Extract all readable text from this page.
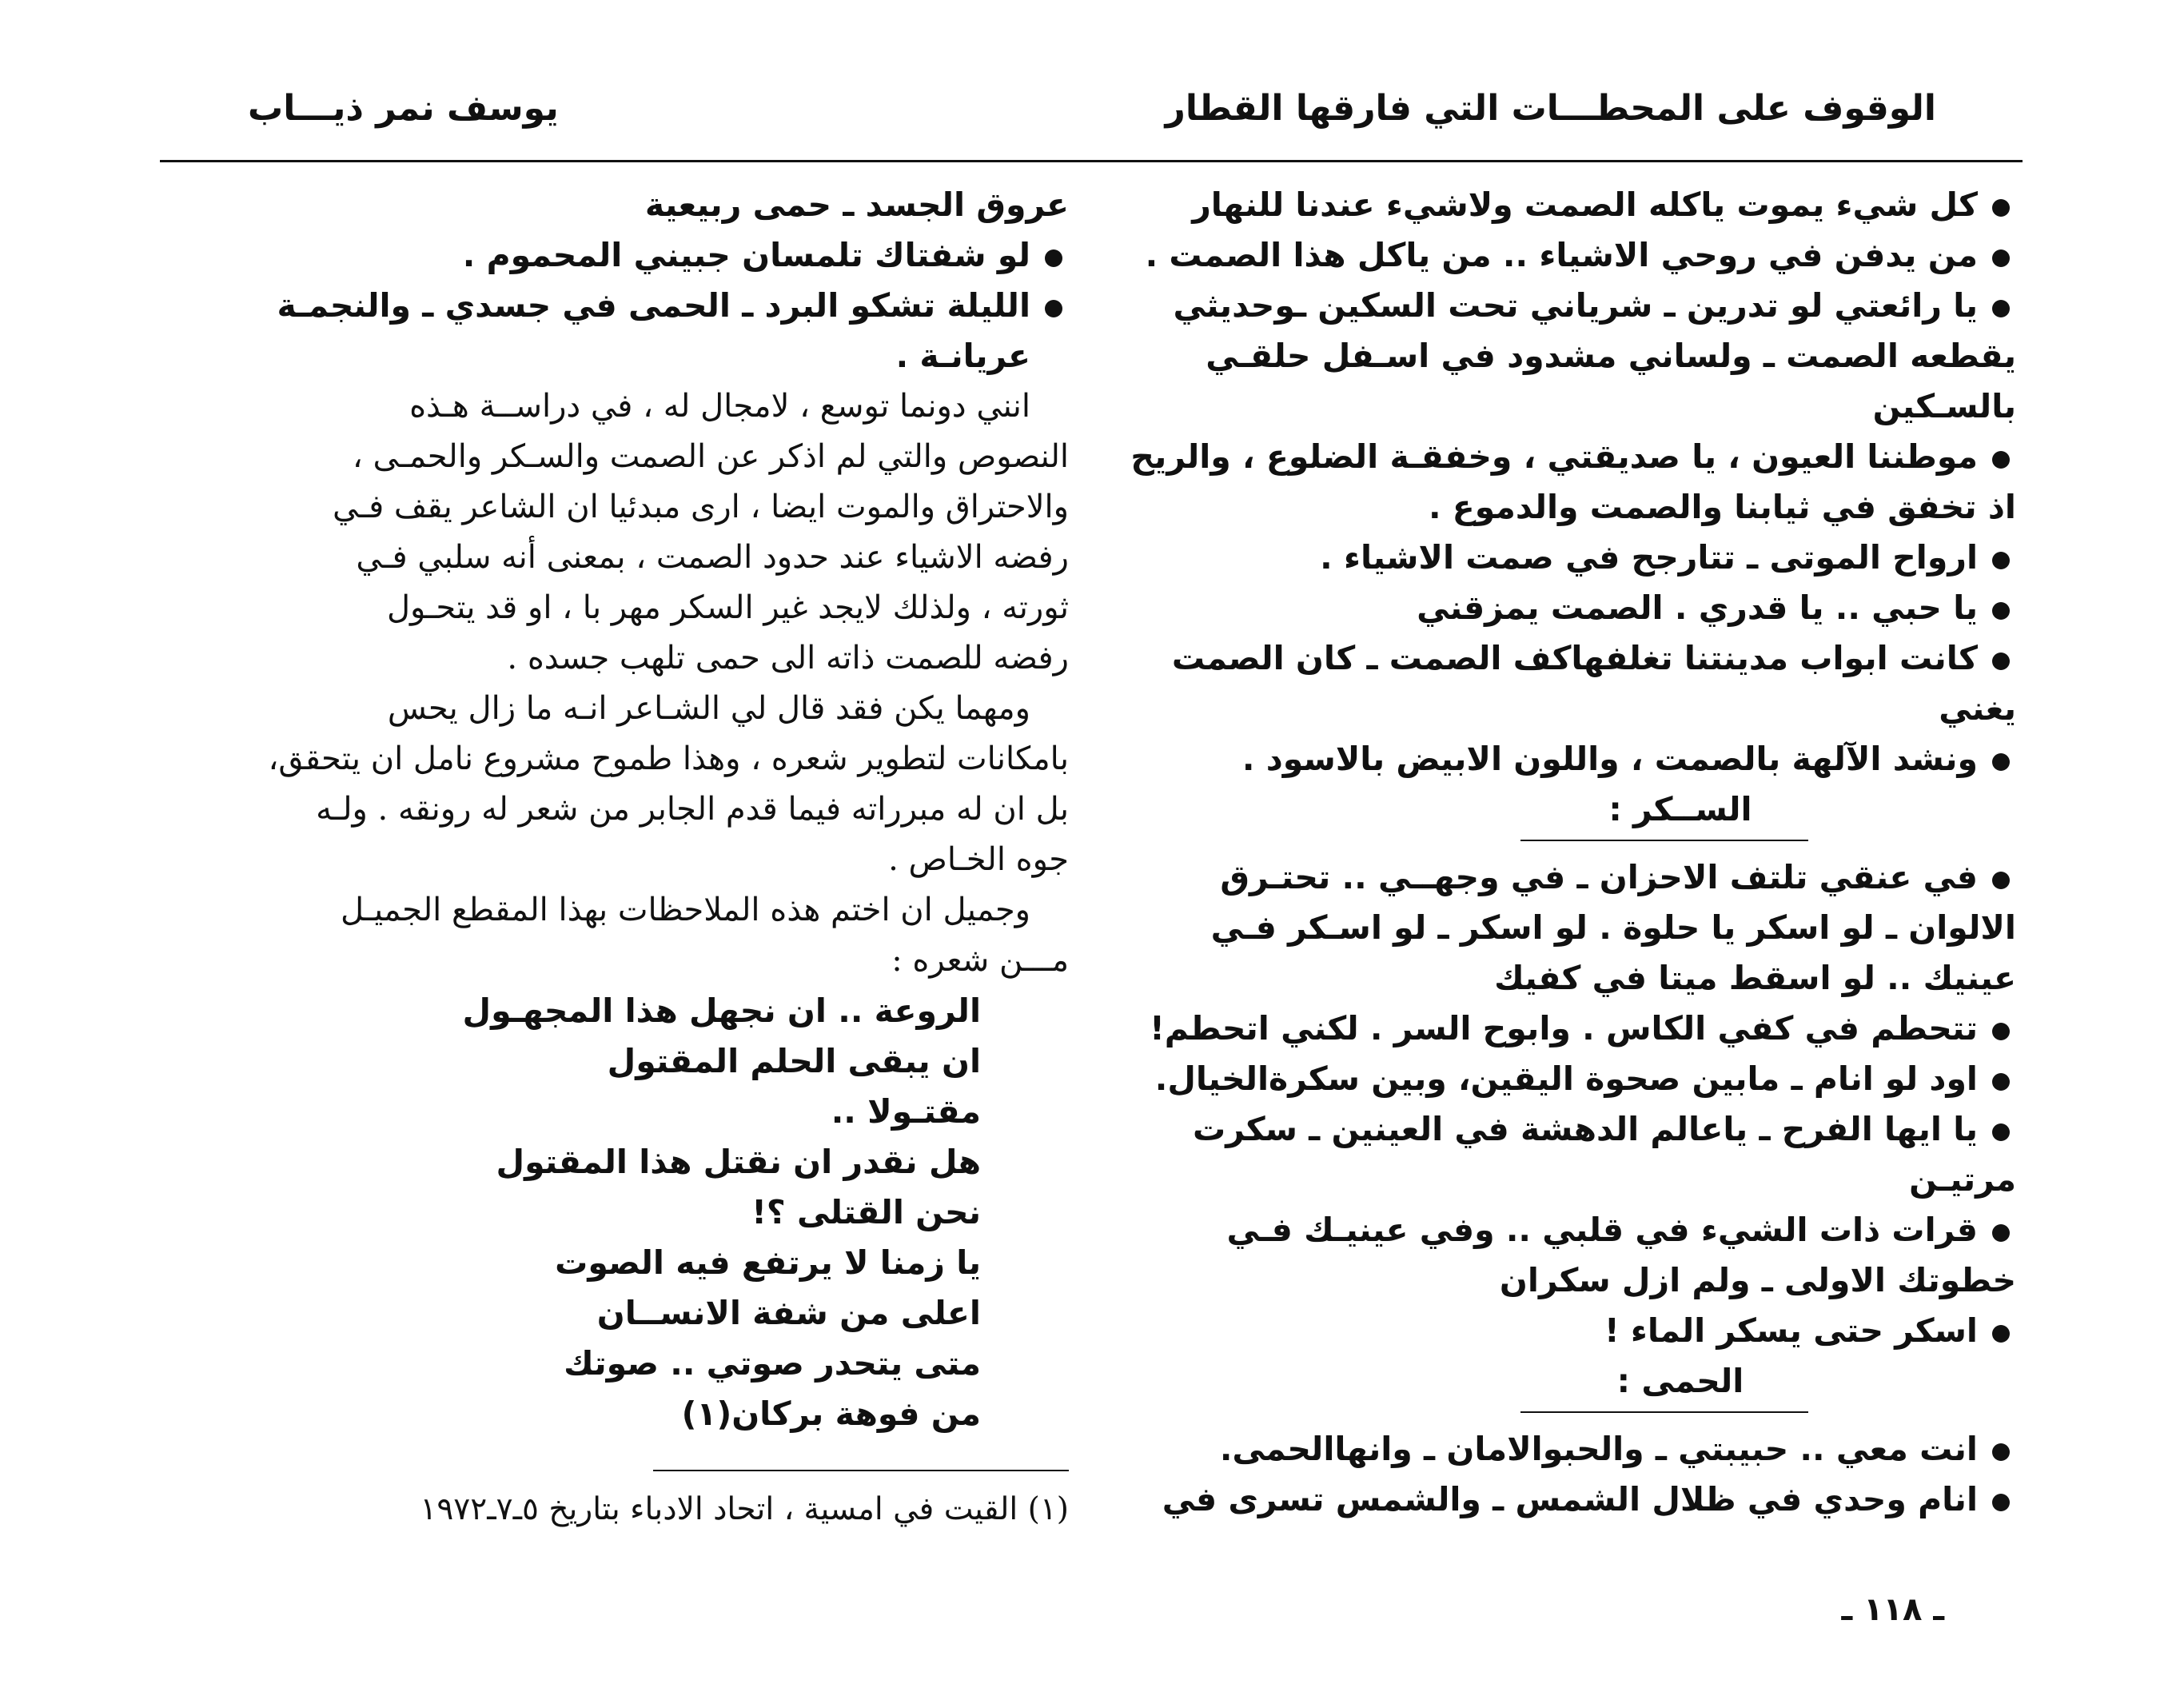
الوقوف على المحطـــات التي فارقها القطار
يوسف نمر ذيـــاب
كل شيء يموت ياكله الصمت ولاشيء عندنا للنهار
من يدفن في روحي الاشياء .. من ياكل هذا الصمت .
يا رائعتي لو تدرين ـ شرياني تحت السكين ـوحديثي
يقطعه الصمت ـ ولساني مشدود في اسـفل حلقـي
بالسـكين
موطننا العيون ، يا صديقتي ، وخفقـة الضلوع ، والريح
اذ تخفق في ثيابنا والصمت والدموع .
ارواح الموتى ـ تتارجح في صمت الاشياء .
يا حبي .. يا قدري . الصمت يمزقني
كانت ابواب مدينتنا تغلفهاكف الصمت ـ كان الصمت
يغني
ونشد الآلهة بالصمت ، واللون الابيض بالاسود .
الســكر :
في عنقي تلتف الاحزان ـ في وجهــي .. تحتـرق
الالوان ـ لو اسكر يا حلوة . لو اسكر ـ لو اسـكر فـي
عينيك .. لو اسقط ميتا في كفيك
تتحطم في كفي الكاس . وابوح السر . لكني اتحطم!
اود لو انام ـ مابين صحوة اليقين، وبين سكرةالخيال.
يا ايها الفرح ـ ياعالم الدهشة في العينين ـ سكرت
مرتيـن
قرات ذات الشيء في قلبي .. وفي عينيـك فـي
خطوتك الاولى ـ ولم ازل سكران
اسكر حتى يسكر الماء !
الحمى :
انت معي .. حبيبتي ـ والحبوالامان ـ وانهاالحمى.
انام وحدي في ظلال الشمس ـ والشمس تسرى في
عروق الجسد ـ حمى ربيعية
لو شفتاك تلمسان جبيني المحموم .
الليلة تشكو البرد ـ الحمى في جسدي ـ والنجمـة
عريانـة .
انني دونما توسع ، لامجال له ، في دراســة هـذه
النصوص والتي لم اذكر عن الصمت والسـكر والحمـى ،
والاحتراق والموت ايضا ، ارى مبدئيا ان الشاعر يقف فـي
رفضه الاشياء عند حدود الصمت ، بمعنى أنه سلبي فـي
ثورته ، ولذلك لايجد غير السكر مهر با ، او قد يتحـول
رفضه للصمت ذاته الى حمى تلهب جسده .
ومهما يكن فقد قال لي الشـاعر انـه ما زال يحس
بامكانات لتطوير شعره ، وهذا طموح مشروع نامل ان يتحقق،
بل ان له مبرراته فيما قدم الجابر من شعر له رونقه . ولـه
جوه الخـاص .
وجميل ان اختم هذه الملاحظات بهذا المقطع الجميـل
مـــن شعره :
الروعة .. ان نجهل هذا المجهـول
ان يبقى الحلم المقتول
مقتـولا ..
هل نقدر ان نقتل هذا المقتول
نحن القتلى ؟!
يا زمنا لا يرتفع فيه الصوت
اعلى من شفة الانســان
متى يتحدر صوتي .. صوتك
من فوهة بركان(١)
(١) القيت في امسية ، اتحاد الادباء بتاريخ ٥ـ٧ـ١٩٧٢
ـ ١١٨ ـ
